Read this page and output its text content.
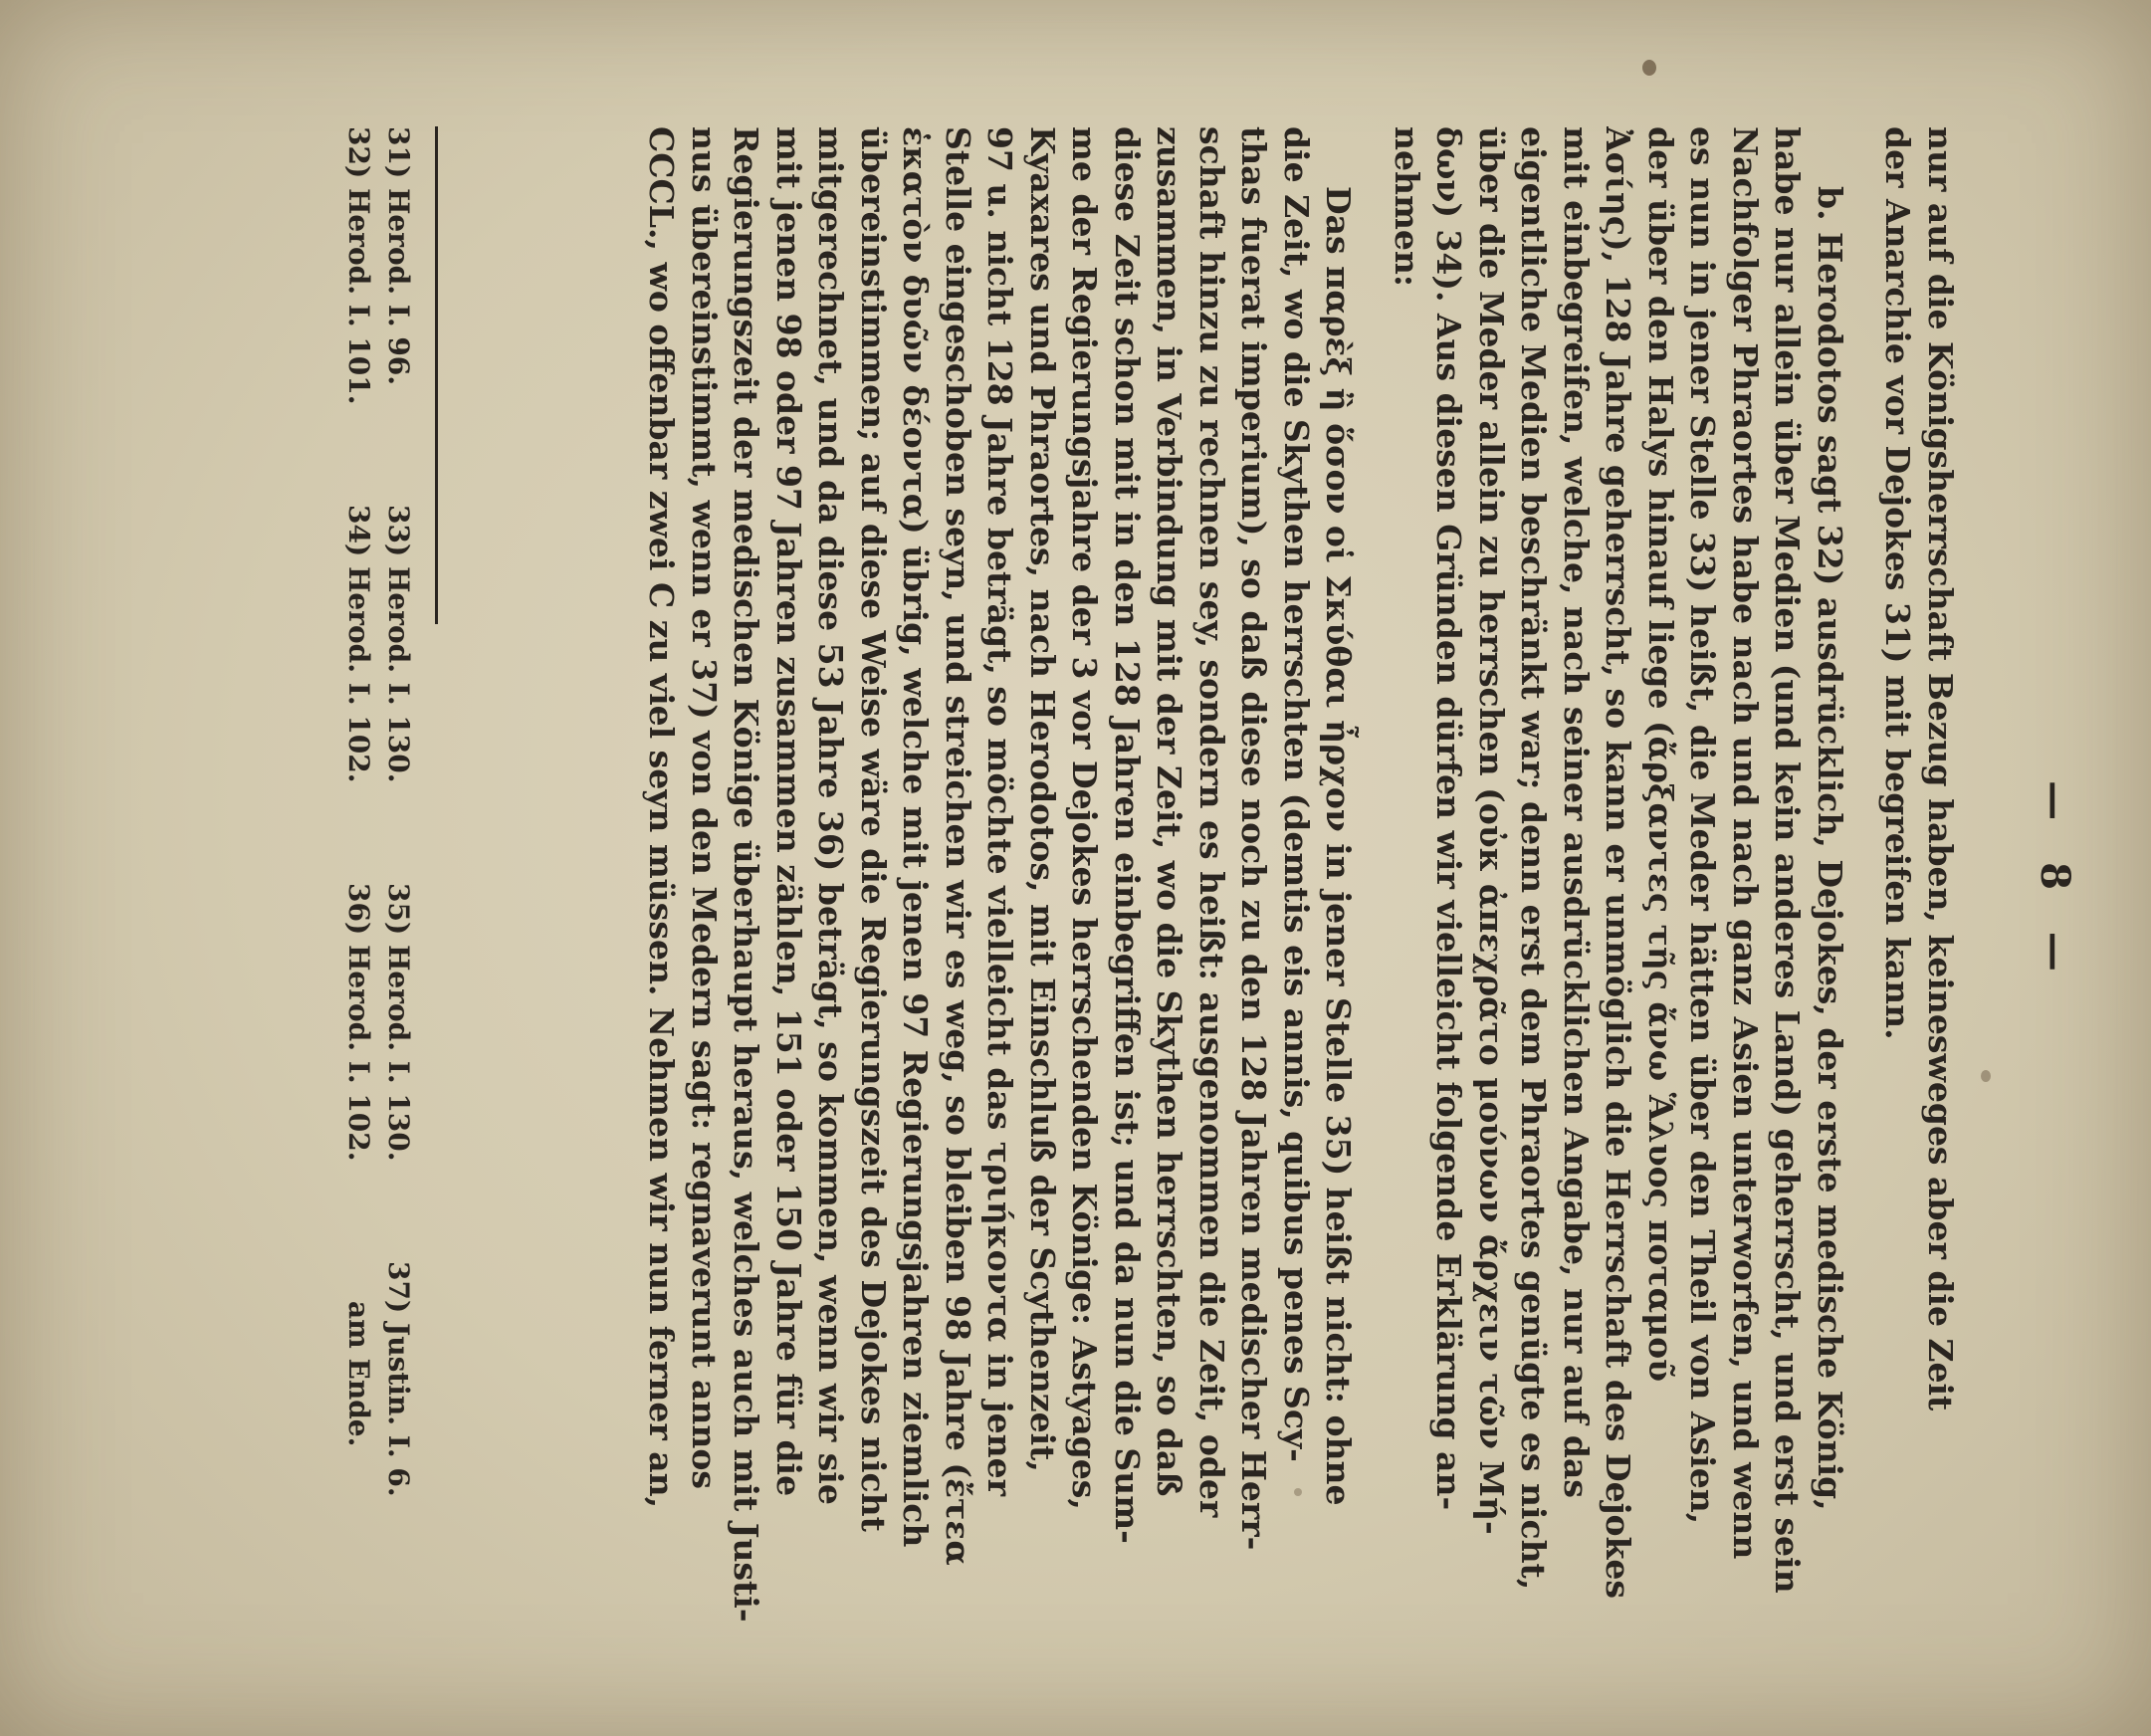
— 8 —
nur auf die Königsherrschaft Bezug haben, keinesweges aber die Zeit
der Anarchie vor Dejokes 31) mit begreifen kann.
b. Herodotos sagt 32) ausdrücklich, Dejokes, der erste medische König,
habe nur allein über Medien (und kein anderes Land) geherrscht, und erst sein
Nachfolger Phraortes habe nach und nach ganz Asien unterworfen, und wenn
es nun in jener Stelle 33) heißt, die Meder hätten über den Theil von Asien,
der über den Halys hinauf liege (ἄρξαντες τῆς ἄνω Ἅλυος ποταμοῦ
Ἀσίης), 128 Jahre geherrscht, so kann er unmöglich die Herrschaft des Dejokes
mit einbegreifen, welche, nach seiner ausdrücklichen Angabe, nur auf das
eigentliche Medien beschränkt war; denn erst dem Phraortes genügte es nicht,
über die Meder allein zu herrschen (οὐκ ἀπεχρᾶτο μούνων ἄρχειν τῶν Μή-
δων) 34). Aus diesen Gründen dürfen wir vielleicht folgende Erklärung an-
nehmen:
Das παρὲξ ἢ ὅσον οἱ Σκύθαι ἦρχον in jener Stelle 35) heißt nicht: ohne
die Zeit, wo die Skythen herrschten (demtis eis annis, quibus penes Scy-
thas fuerat imperium), so daß diese noch zu den 128 Jahren medischer Herr-
schaft hinzu zu rechnen sey, sondern es heißt: ausgenommen die Zeit, oder
zusammen, in Verbindung mit der Zeit, wo die Skythen herrschten, so daß
diese Zeit schon mit in den 128 Jahren einbegriffen ist; und da nun die Sum-
me der Regierungsjahre der 3 vor Dejokes herrschenden Könige: Astyages,
Kyaxares und Phraortes, nach Herodotos, mit Einschluß der Scythenzeit,
97 u. nicht 128 Jahre beträgt, so möchte vielleicht das τριήκοντα in jener
Stelle eingeschoben seyn, und streichen wir es weg, so bleiben 98 Jahre (ἔτεα
ἑκατὸν δυῶν δέοντα) übrig, welche mit jenen 97 Regierungsjahren ziemlich
übereinstimmen; auf diese Weise wäre die Regierungszeit des Dejokes nicht
mitgerechnet, und da diese 53 Jahre 36) beträgt, so kommen, wenn wir sie
mit jenen 98 oder 97 Jahren zusammen zählen, 151 oder 150 Jahre für die
Regierungszeit der medischen Könige überhaupt heraus, welches auch mit Justi-
nus übereinstimmt, wenn er 37) von den Medern sagt: regnaverunt annos
CCCL., wo offenbar zwei C zu viel seyn müssen. Nehmen wir nun ferner an,
31) Herod. I. 96.
32) Herod. I. 101.
33) Herod. I. 130.
34) Herod. I. 102.
35) Herod. I. 130.
36) Herod. I. 102.
37) Justin. I. 6.
am Ende.
